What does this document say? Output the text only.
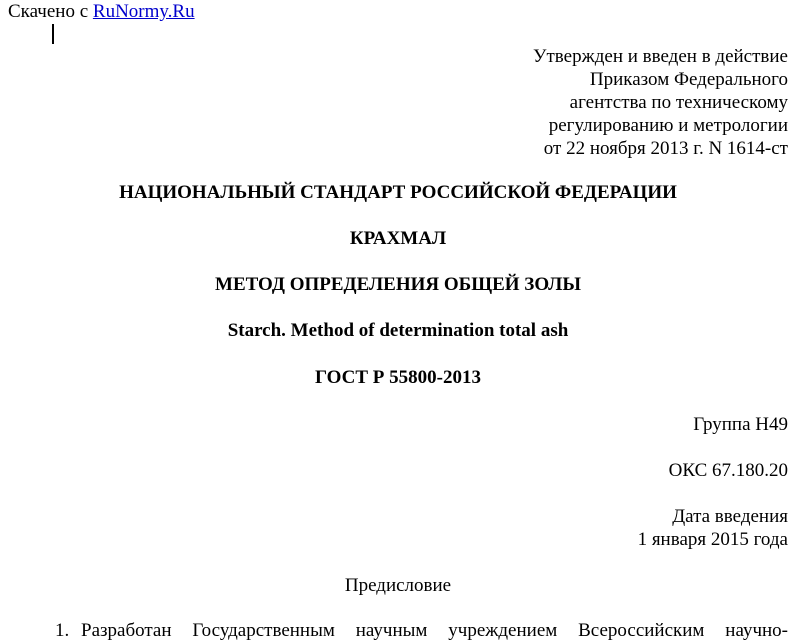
Скачено с RuNormy.Ru
Утвержден и введен в действие
Приказом Федерального
агентства по техническому
регулированию и метрологии
от 22 ноября 2013 г. N 1614-ст
НАЦИОНАЛЬНЫЙ СТАНДАРТ РОССИЙСКОЙ ФЕДЕРАЦИИ
КРАХМАЛ
МЕТОД ОПРЕДЕЛЕНИЯ ОБЩЕЙ ЗОЛЫ
Starch. Method of determination total ash
ГОСТ Р 55800-2013
Группа Н49
ОКС 67.180.20
Дата введения
1 января 2015 года
Предисловие
1. Разработан Государственным научным учреждением Всероссийским научно-
